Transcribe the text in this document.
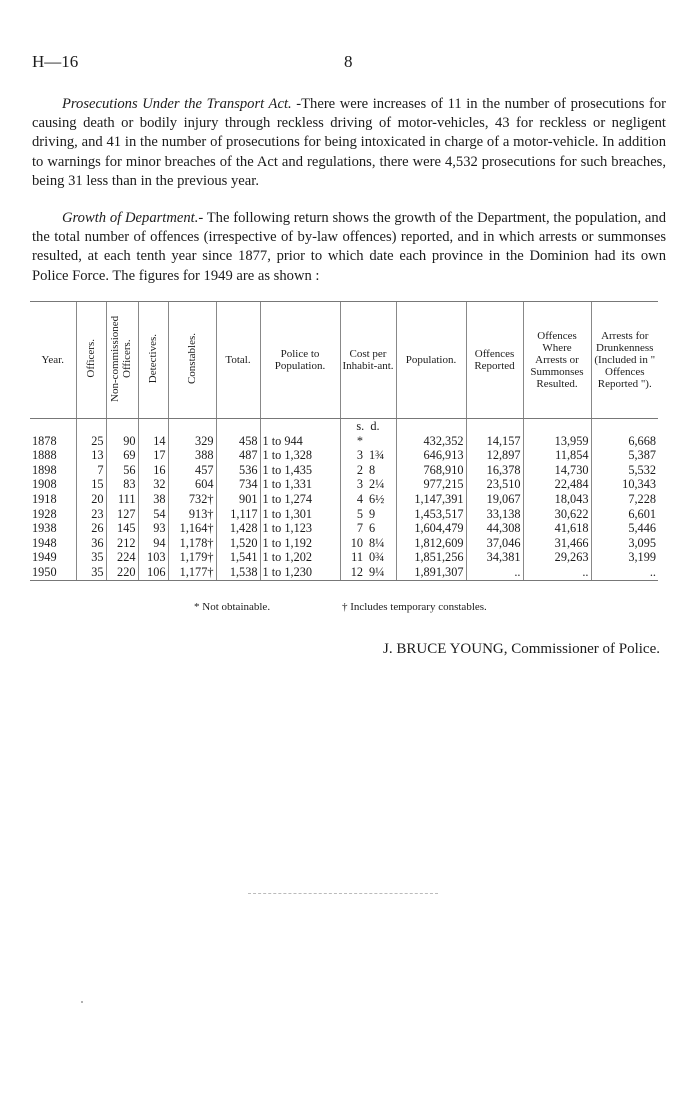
H—16	8

Prosecutions Under the Transport Act. -There were increases of 11 in the number of prosecutions for causing death or bodily injury through reckless driving of motor-vehicles, 43 for reckless or negligent driving, and 41 in the number of prosecutions for being intoxicated in charge of a motor-vehicle. In addition to warnings for minor breaches of the Act and regulations, there were 4,532 prosecutions for such breaches, being 31 less than in the previous year.

Growth of Department.- The following return shows the growth of the Department, the population, and the total number of offences (irrespective of by-law offences) reported, and in which arrests or summonses resulted, at each tenth year since 1877, prior to which date each province in the Dominion had its own Police Force. The figures for 1949 are as shown :

Year.	Officers.	Non-commissioned Officers.	Detectives.	Constables.	Total.	Police to Population.	Cost per Inhabit-ant.	Population.	Offences Reported	Offences Where Arrests or Summonses Resulted.	Arrests for Drunkenness (Included in " Offences Reported ").
							s. d.				
1878	25	90	14	329	458	1 to 944	*	432,352	14,157	13,959	6,668
1888	13	69	17	388	487	1 to 1,328	3 1¾	646,913	12,897	11,854	5,387
1898	7	56	16	457	536	1 to 1,435	2 8	768,910	16,378	14,730	5,532
1908	15	83	32	604	734	1 to 1,331	3 2¼	977,215	23,510	22,484	10,343
1918	20	111	38	732†	901	1 to 1,274	4 6½	1,147,391	19,067	18,043	7,228
1928	23	127	54	913†	1,117	1 to 1,301	5 9	1,453,517	33,138	30,622	6,601
1938	26	145	93	1,164†	1,428	1 to 1,123	7 6	1,604,479	44,308	41,618	5,446
1948	36	212	94	1,178†	1,520	1 to 1,192	10 8¼	1,812,609	37,046	31,466	3,095
1949	35	224	103	1,179†	1,541	1 to 1,202	11 0¾	1,851,256	34,381	29,263	3,199
1950	35	220	106	1,177†	1,538	1 to 1,230	12 9¼	1,891,307	..	..	..
* Not obtainable.	† Includes temporary constables.
J. BRUCE YOUNG, Commissioner of Police.
